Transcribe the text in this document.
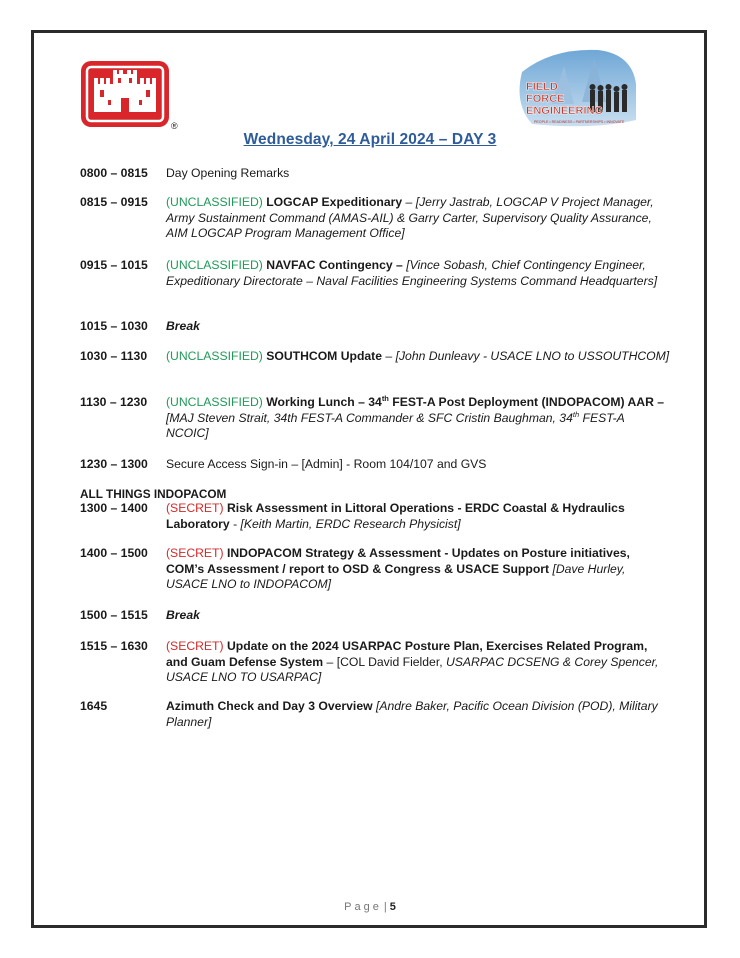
®
FIELD
FORCE
ENGINEERING
PEOPLE • READINESS • PARTNERSHIPS • INNOVATE
Wednesday, 24 April 2024 – DAY 3
0800 – 0815	Day Opening Remarks
0815 – 0915	(UNCLASSIFIED) LOGCAP Expeditionary – [Jerry Jastrab, LOGCAP V Project Manager, Army Sustainment Command (AMAS-AIL) & Garry Carter, Supervisory Quality Assurance, AIM LOGCAP Program Management Office]
0915 – 1015	(UNCLASSIFIED) NAVFAC Contingency – [Vince Sobash, Chief Contingency Engineer, Expeditionary Directorate – Naval Facilities Engineering Systems Command Headquarters]
1015 – 1030	Break
1030 – 1130	(UNCLASSIFIED) SOUTHCOM Update – [John Dunleavy - USACE LNO to USSOUTHCOM]
1130 – 1230	(UNCLASSIFIED) Working Lunch – 34th FEST-A Post Deployment (INDOPACOM) AAR – [MAJ Steven Strait, 34th FEST-A Commander & SFC Cristin Baughman, 34th FEST-A NCOIC]
1230 – 1300	Secure Access Sign-in – [Admin] - Room 104/107 and GVS
ALL THINGS INDOPACOM
1300 – 1400	(SECRET) Risk Assessment in Littoral Operations - ERDC Coastal & Hydraulics Laboratory - [Keith Martin, ERDC Research Physicist]
1400 – 1500	(SECRET) INDOPACOM Strategy & Assessment - Updates on Posture initiatives, COM’s Assessment / report to OSD & Congress & USACE Support [Dave Hurley, USACE LNO to INDOPACOM]
1500 – 1515	Break
1515 – 1630	(SECRET) Update on the 2024 USARPAC Posture Plan, Exercises Related Program, and Guam Defense System – [COL David Fielder, USARPAC DCSENG & Corey Spencer, USACE LNO TO USARPAC]
1645	Azimuth Check and Day 3 Overview [Andre Baker, Pacific Ocean Division (POD), Military Planner]
Page | 5
